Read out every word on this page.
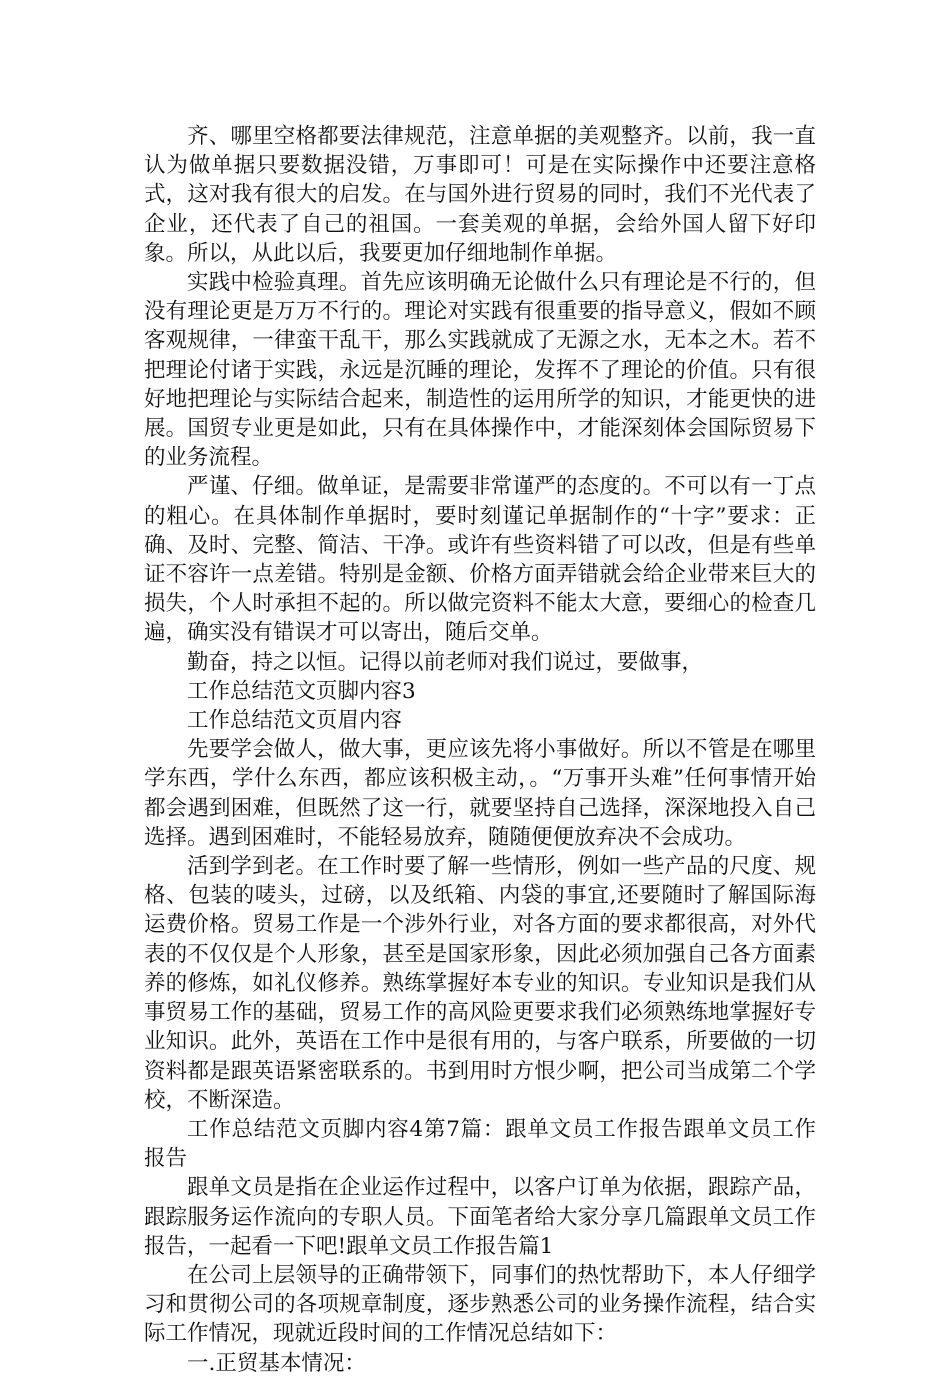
齐、哪里空格都要法律规范，注意单据的美观整齐。以前，我一直认为做单据只要数据没错，万事即可！可是在实际操作中还要注意格式，这对我有很大的启发。在与国外进行贸易的同时，我们不光代表了企业，还代表了自己的祖国。一套美观的单据，会给外国人留下好印象。所以，从此以后，我要更加仔细地制作单据。

实践中检验真理。首先应该明确无论做什么只有理论是不行的，但没有理论更是万万不行的。理论对实践有很重要的指导意义，假如不顾客观规律，一律蛮干乱干，那么实践就成了无源之水，无本之木。若不把理论付诸于实践，永远是沉睡的理论，发挥不了理论的价值。只有很好地把理论与实际结合起来，制造性的运用所学的知识，才能更快的进展。国贸专业更是如此，只有在具体操作中，才能深刻体会国际贸易下的业务流程。

严谨、仔细。做单证，是需要非常谨严的态度的。不可以有一丁点的粗心。在具体制作单据时，要时刻谨记单据制作的“十字”要求：正确、及时、完整、简洁、干净。或许有些资料错了可以改，但是有些单证不容许一点差错。特别是金额、价格方面弄错就会给企业带来巨大的损失，个人时承担不起的。所以做完资料不能太大意，要细心的检查几遍，确实没有错误才可以寄出，随后交单。

勤奋，持之以恒。记得以前老师对我们说过，要做事，

工作总结范文页脚内容3

工作总结范文页眉内容

先要学会做人，做大事，更应该先将小事做好。所以不管是在哪里学东西，学什么东西，都应该积极主动，。“万事开头难”任何事情开始都会遇到困难，但既然了这一行，就要坚持自己选择，深深地投入自己选择。遇到困难时，不能轻易放弃，随随便便放弃决不会成功。

活到学到老。在工作时要了解一些情形，例如一些产品的尺度、规格、包装的唛头，过磅，以及纸箱、内袋的事宜,还要随时了解国际海运费价格。贸易工作是一个涉外行业，对各方面的要求都很高，对外代表的不仅仅是个人形象，甚至是国家形象，因此必须加强自己各方面素养的修炼，如礼仪修养。熟练掌握好本专业的知识。专业知识是我们从事贸易工作的基础，贸易工作的高风险更要求我们必须熟练地掌握好专业知识。此外，英语在工作中是很有用的，与客户联系，所要做的一切资料都是跟英语紧密联系的。书到用时方恨少啊，把公司当成第二个学校，不断深造。

工作总结范文页脚内容4第7篇：跟单文员工作报告跟单文员工作报告

跟单文员是指在企业运作过程中，以客户订单为依据，跟踪产品，跟踪服务运作流向的专职人员。下面笔者给大家分享几篇跟单文员工作报告，一起看一下吧!跟单文员工作报告篇1

在公司上层领导的正确带领下，同事们的热忱帮助下，本人仔细学习和贯彻公司的各项规章制度，逐步熟悉公司的业务操作流程，结合实际工作情况，现就近段时间的工作情况总结如下：

一.正贸基本情况：
